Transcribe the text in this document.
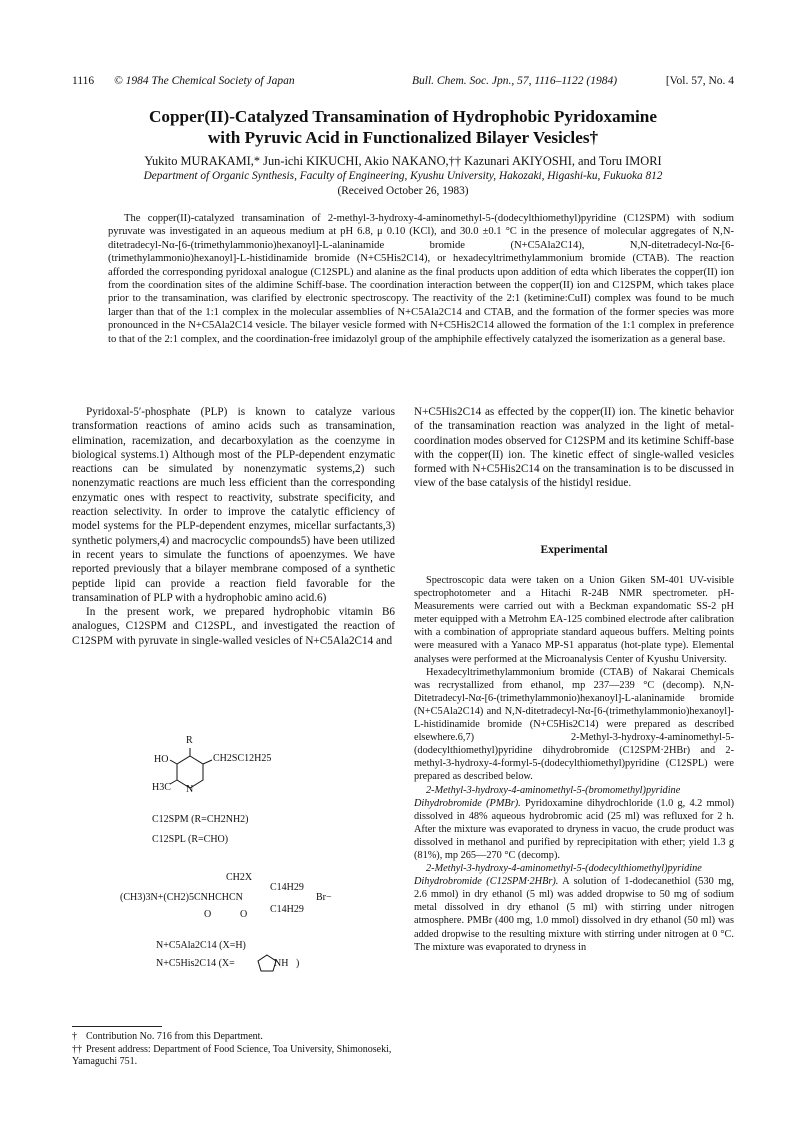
1116 © 1984 The Chemical Society of Japan	Bull. Chem. Soc. Jpn., 57, 1116–1122 (1984)	[Vol. 57, No. 4
Copper(II)-Catalyzed Transamination of Hydrophobic Pyridoxamine
with Pyruvic Acid in Functionalized Bilayer Vesicles†
Yukito MURAKAMI,* Jun-ichi KIKUCHI, Akio NAKANO,†† Kazunari AKIYOSHI, and Toru IMORI
Department of Organic Synthesis, Faculty of Engineering, Kyushu University, Hakozaki, Higashi-ku, Fukuoka 812
(Received October 26, 1983)
The copper(II)-catalyzed transamination of 2-methyl-3-hydroxy-4-aminomethyl-5-(dodecylthiomethyl)pyridine (C12SPM) with sodium pyruvate was investigated in an aqueous medium at pH 6.8, μ 0.10 (KCl), and 30.0 ±0.1 °C in the presence of molecular aggregates of N,N-ditetradecyl-Nα-[6-(trimethylammonio)hexanoyl]-L-alaninamide bromide (N+C5Ala2C14), N,N-ditetradecyl-Nα-[6-(trimethylammonio)hexanoyl]-L-histidinamide bromide (N+C5His2C14), or hexadecyltrimethylammonium bromide (CTAB). The reaction afforded the corresponding pyridoxal analogue (C12SPL) and alanine as the final products upon addition of edta which liberates the copper(II) ion from the coordination sites of the aldimine Schiff-base. The coordination interaction between the copper(II) ion and C12SPM, which takes place prior to the transamination, was clarified by electronic spectroscopy. The reactivity of the 2:1 (ketimine:CuII) complex was found to be much larger than that of the 1:1 complex in the molecular assemblies of N+C5Ala2C14 and CTAB, and the formation of the former species was more pronounced in the N+C5Ala2C14 vesicle. The bilayer vesicle formed with N+C5His2C14 allowed the formation of the 1:1 complex in preference to that of the 2:1 complex, and the coordination-free imidazolyl group of the amphiphile effectively catalyzed the isomerization as a general base.

Pyridoxal-5′-phosphate (PLP) is known to catalyze various transformation reactions of amino acids such as transamination, elimination, racemization, and decarboxylation as the coenzyme in biological systems.1) Although most of the PLP-dependent enzymatic reactions can be simulated by nonenzymatic systems,2) such nonenzymatic reactions are much less efficient than the corresponding enzymatic ones with respect to reactivity, substrate specificity, and reaction selectivity. In order to improve the catalytic efficiency of model systems for the PLP-dependent enzymes, micellar surfactants,3) synthetic polymers,4) and macrocyclic compounds5) have been utilized in recent years to simulate the functions of apoenzymes. We have reported previously that a bilayer membrane composed of a synthetic peptide lipid can provide a reaction field favorable for the transamination of PLP with a hydrophobic amino acid.6)

In the present work, we prepared hydrophobic vitamin B6 analogues, C12SPM and C12SPL, and investigated the reaction of C12SPM with pyruvate in single-walled vesicles of N+C5Ala2C14 and

R
HO	CH2SC12H25
H3C N
C12SPM (R=CH2NH2)
C12SPL (R=CHO)
CH2X
(CH3)3N+(CH2)5CNHCHCN
C14H29
C14H29
Br−
O	O
N+C5Ala2C14 (X=H)
N+C5His2C14 (X=	NH )
† Contribution No. 716 from this Department.
†† Present address: Department of Food Science, Toa University, Shimonoseki, Yamaguchi 751.

N+C5His2C14 as effected by the copper(II) ion. The kinetic behavior of the transamination reaction was analyzed in the light of metal-coordination modes observed for C12SPM and its ketimine Schiff-base with the copper(II) ion. The kinetic effect of single-walled vesicles formed with N+C5His2C14 on the transamination is to be discussed in view of the base catalysis of the histidyl residue.

Experimental

Spectroscopic data were taken on a Union Giken SM-401 UV-visible spectrophotometer and a Hitachi R-24B NMR spectrometer. pH-Measurements were carried out with a Beckman expandomatic SS-2 pH meter equipped with a Metrohm EA-125 combined electrode after calibration with a combination of appropriate standard aqueous buffers. Melting points were measured with a Yanaco MP-S1 apparatus (hot-plate type). Elemental analyses were performed at the Microanalysis Center of Kyushu University.

Hexadecyltrimethylammonium bromide (CTAB) of Nakarai Chemicals was recrystallized from ethanol, mp 237—239 °C (decomp). N,N-Ditetradecyl-Nα-[6-(trimethylammonio)hexanoyl]-L-alaninamide bromide (N+C5Ala2C14) and N,N-ditetradecyl-Nα-[6-(trimethylammonio)hexanoyl]-L-histidinamide bromide (N+C5His2C14) were prepared as described elsewhere.6,7) 2-Methyl-3-hydroxy-4-aminomethyl-5-(dodecylthiomethyl)pyridine dihydrobromide (C12SPM·2HBr) and 2-methyl-3-hydroxy-4-formyl-5-(dodecylthiomethyl)pyridine (C12SPL) were prepared as described below.

2-Methyl-3-hydroxy-4-aminomethyl-5-(bromomethyl)pyridine Dihydrobromide (PMBr). Pyridoxamine dihydrochloride (1.0 g, 4.2 mmol) dissolved in 48% aqueous hydrobromic acid (25 ml) was refluxed for 2 h. After the mixture was evaporated to dryness in vacuo, the crude product was dissolved in methanol and purified by reprecipitation with ether; yield 1.3 g (81%), mp 265—270 °C (decomp).

2-Methyl-3-hydroxy-4-aminomethyl-5-(dodecylthiomethyl)pyridine Dihydrobromide (C12SPM·2HBr). A solution of 1-dodecanethiol (530 mg, 2.6 mmol) in dry ethanol (5 ml) was added dropwise to 50 mg of sodium metal dissolved in dry ethanol (5 ml) with stirring under nitrogen atmosphere. PMBr (400 mg, 1.0 mmol) dissolved in dry ethanol (50 ml) was added dropwise to the resulting mixture with stirring under nitrogen at 0 °C. The mixture was evaporated to dryness in
